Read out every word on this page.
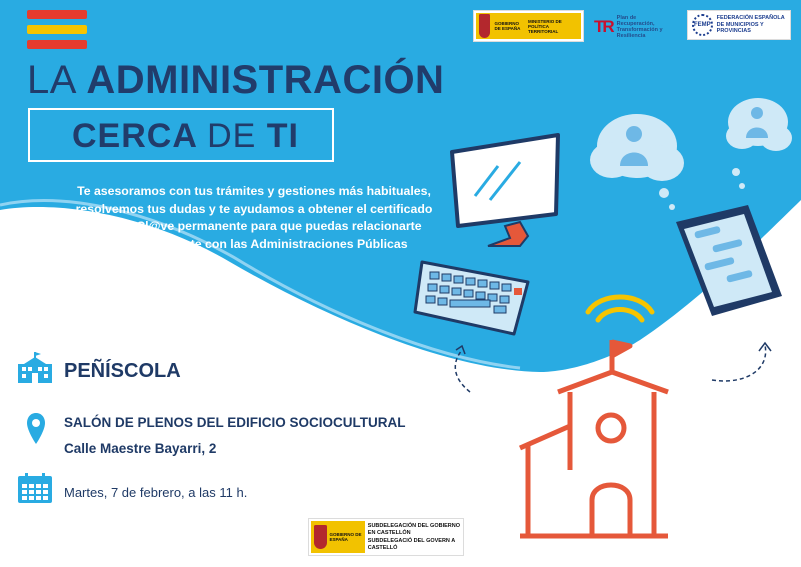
GOBIERNO DE ESPAÑA
MINISTERIO DE POLÍTICA TERRITORIAL	TR Plan de Recuperación, Transformación y Resiliencia
FEMP
FEDERACIÓN ESPAÑOLA DE MUNICIPIOS Y PROVINCIAS
LA ADMINISTRACIÓN
CERCA DE TI
Te asesoramos con tus trámites y gestiones más habituales,
resolvemos tus dudas y te ayudamos a obtener el certificado
digital y Cl@ve permanente para que puedas relacionarte
electrónicamente con las Administraciones Públicas
PEÑÍSCOLA
SALÓN DE PLENOS DEL EDIFICIO SOCIOCULTURAL
Calle Maestre Bayarri, 2
Martes, 7 de febrero, a las 11 h.
GOBIERNO DE ESPAÑA
SUBDELEGACIÓN DEL GOBIERNO EN CASTELLÓN
SUBDELEGACIÓ DEL GOVERN A CASTELLÓ
